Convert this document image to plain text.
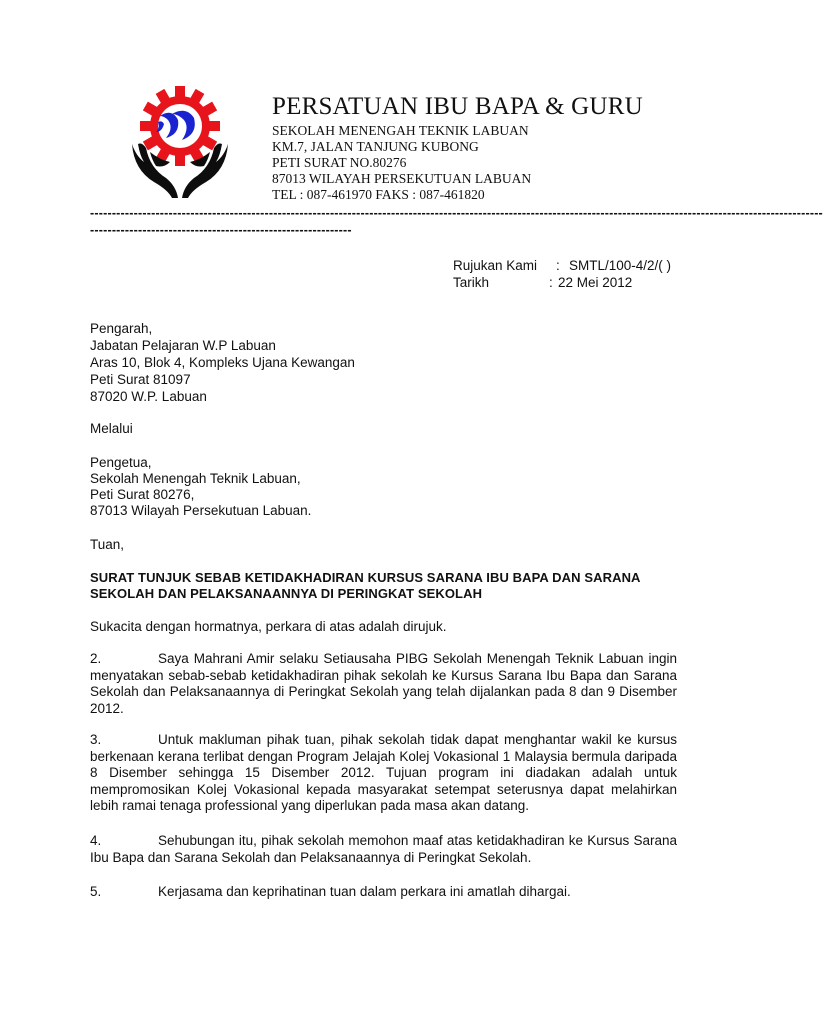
PERSATUAN IBU BAPA & GURU
SEKOLAH MENENGAH TEKNIK LABUAN
KM.7, JALAN TANJUNG KUBONG
PETI SURAT NO.80276
87013 WILAYAH PERSEKUTUAN LABUAN
TEL : 087-461970 FAKS : 087-461820
------------------------------------------------------------------------------------------------------------------------------------------------------------------------
------------------------------------------------------------
Rujukan Kami : SMTL/100-4/2/( )
Tarikh	: 22 Mei 2012
Pengarah,
Jabatan Pelajaran W.P Labuan
Aras 10, Blok 4, Kompleks Ujana Kewangan
Peti Surat 81097
87020 W.P. Labuan
Melalui
Pengetua,
Sekolah Menengah Teknik Labuan,
Peti Surat 80276,
87013 Wilayah Persekutuan Labuan.
Tuan,
SURAT TUNJUK SEBAB KETIDAKHADIRAN KURSUS SARANA IBU BAPA DAN SARANA
SEKOLAH DAN PELAKSANAANNYA DI PERINGKAT SEKOLAH
Sukacita dengan hormatnya, perkara di atas adalah dirujuk.
2.	Saya Mahrani Amir selaku Setiausaha PIBG Sekolah Menengah Teknik Labuan ingin menyatakan sebab-sebab ketidakhadiran pihak sekolah ke Kursus Sarana Ibu Bapa dan Sarana Sekolah dan Pelaksanaannya di Peringkat Sekolah yang telah dijalankan pada 8 dan 9 Disember 2012.
3.	Untuk makluman pihak tuan, pihak sekolah tidak dapat menghantar wakil ke kursus berkenaan kerana terlibat dengan Program Jelajah Kolej Vokasional 1 Malaysia bermula daripada 8 Disember sehingga 15 Disember 2012. Tujuan program ini diadakan adalah untuk mempromosikan Kolej Vokasional kepada masyarakat setempat seterusnya dapat melahirkan lebih ramai tenaga professional yang diperlukan pada masa akan datang.
4.	Sehubungan itu, pihak sekolah memohon maaf atas ketidakhadiran ke Kursus Sarana Ibu Bapa dan Sarana Sekolah dan Pelaksanaannya di Peringkat Sekolah.
5.	Kerjasama dan keprihatinan tuan dalam perkara ini amatlah dihargai.
